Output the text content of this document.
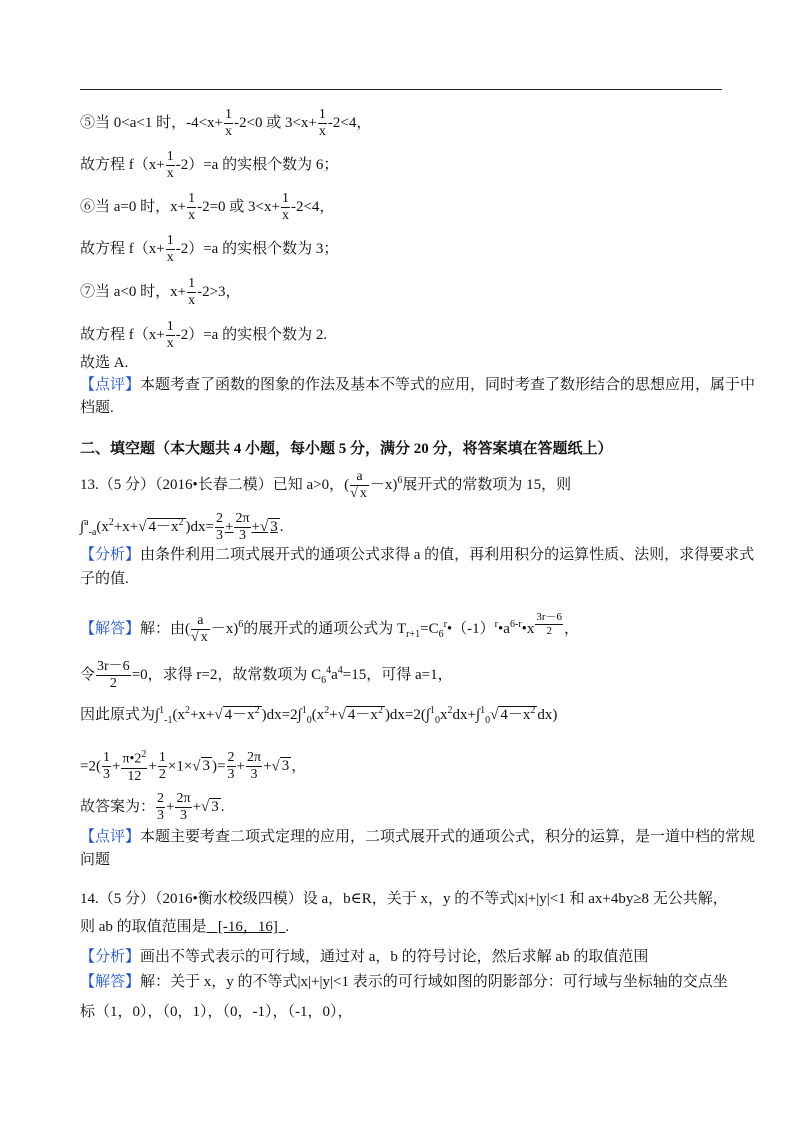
⑤当 0<a<1 时，$-4<x+ \frac{1}{x} -2<0$ 或 $3<x+ \frac{1}{x} -2<4$，
故方程 $f(x+ \frac{1}{x} -2)=a$ 的实根个数为 6；
⑥当 a=0 时，$x+ \frac{1}{x} -2=0$ 或 $3<x+ \frac{1}{x} -2<4$，
故方程 $f(x+ \frac{1}{x} -2)=a$ 的实根个数为 3；
⑦当 a<0 时，$x+ \frac{1}{x} -2>3$，
故方程 $f(x+ \frac{1}{x} -2)=a$ 的实根个数为 2.
故选 A.
【点评】本题考查了函数的图象的作法及基本不等式的应用，同时考查了数形结合的思想应用，属于中
档题.
二、填空题（本大题共 4 小题，每小题 5 分，满分 20 分，将答案填在答题纸上）
13.（5 分）（2016•长春二模）已知 a>0，( $\frac{a}{√ x} -x)^6$展开式的常数项为 15，则
$\int^a_{-a}(x^2+x+√$ $4-x^2$ )$dx= \frac{2}{3} + \frac{2\pi}{3}$ +√ 3 .
【分析】由条件利用二项式展开式的通项公式求得 a 的值，再利用积分的运算性质、法则，求得要求式
子的值.
【解答】解：由( $\frac{a}{√ x} -x)^6$的展开式的通项公式为 $T_{r+1}=C_6^r•(-1)^r•a^{6-r}•x$ $^{\frac{3r-6}{2}}$ ，
令 $\frac{3r-6}{2} =0$，求得 r=2，故常数项为 $C_6^4a^4=15$，可得 a=1，
因此原式为$\int^1_{-1}(x^2+x+√$ $4-x^2$ )$dx=2\int^1_0(x^2+√$ $4-x^2$ )$dx=2(\int^1_0x^2dx+\int^1_0√$ $4-x^2$ dx)
$=2( \frac{1}{3} + \frac{\pi•2^2}{12} + \frac{1}{2} \times 1\times√$ 3 )= $\frac{2}{3} + \frac{2\pi}{3}$ +√ 3 ，
故答案为： $\frac{2}{3} + \frac{2\pi}{3}$ +√ 3 .
【点评】本题主要考查二项式定理的应用，二项式展开式的通项公式，积分的运算，是一道中档的常规
问题
14.（5 分）（2016•衡水校级四模）设 a，b∈R，关于 x，y 的不等式|x|+|y|<1 和 ax+4by≥8 无公共解，
则 ab 的取值范围是   [-16，16]  .
【分析】画出不等式表示的可行域，通过对 a，b 的符号讨论，然后求解 ab 的取值范围
【解答】解：关于 x，y 的不等式|x|+|y|<1 表示的可行域如图的阴影部分：可行域与坐标轴的交点坐
标（1，0），（0，1），（0，-1），（-1，0），
